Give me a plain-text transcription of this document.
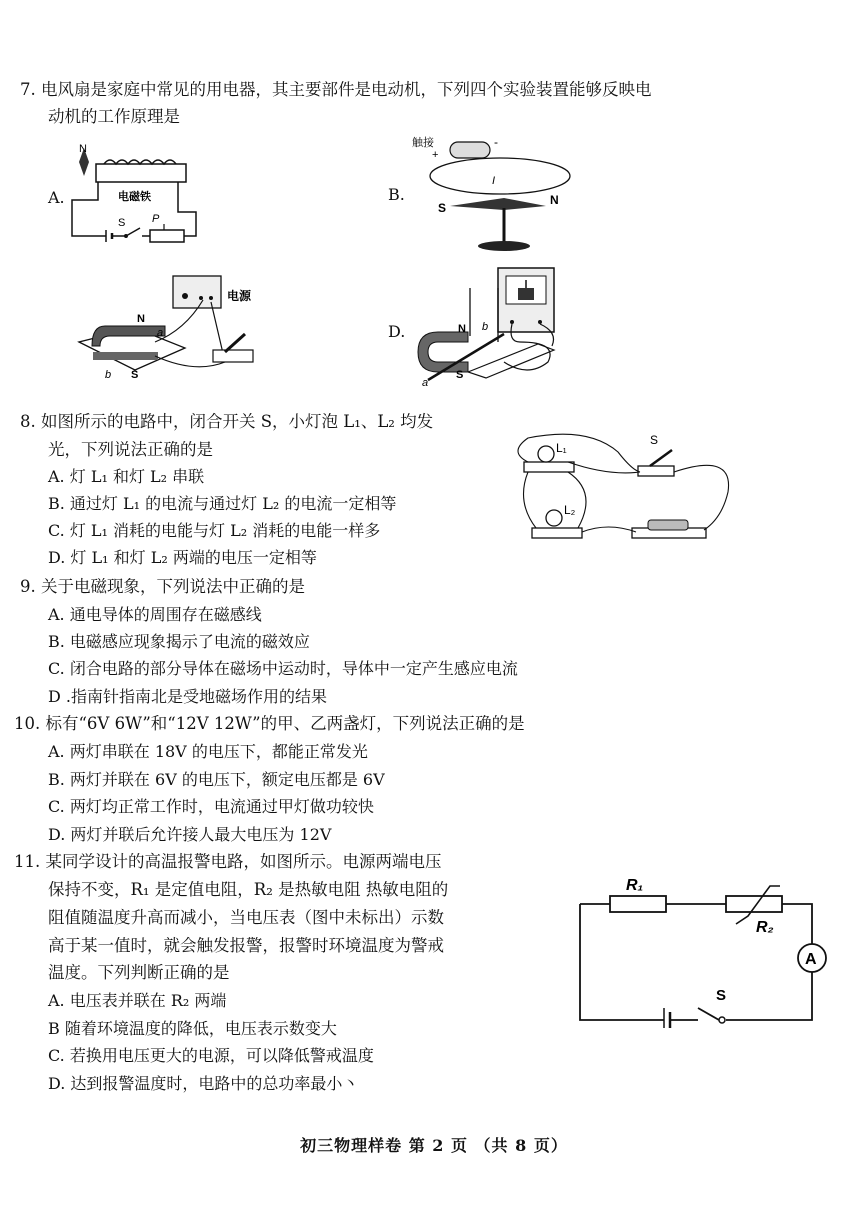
7. 电风扇是家庭中常见的用电器，其主要部件是电动机，下列四个实验装置能够反映电
动机的工作原理是
A.
N
电磁铁
S P
B.
触接
+
-
I
S
N
电源
N
a
b S
D.	N b
a
S
8. 如图所示的电路中，闭合开关 S，小灯泡 L₁、L₂ 均发
光，下列说法正确的是
A. 灯 L₁ 和灯 L₂ 串联
B. 通过灯 L₁ 的电流与通过灯 L₂ 的电流一定相等
C. 灯 L₁ 消耗的电能与灯 L₂ 消耗的电能一样多
D. 灯 L₁ 和灯 L₂ 两端的电压一定相等
L₁
L₂
S
9. 关于电磁现象，下列说法中正确的是
A. 通电导体的周围存在磁感线
B. 电磁感应现象揭示了电流的磁效应
C. 闭合电路的部分导体在磁场中运动时，导体中一定产生感应电流
D .指南针指南北是受地磁场作用的结果
10. 标有“6V 6W”和“12V 12W”的甲、乙两盏灯，下列说法正确的是
A. 两灯串联在 18V 的电压下，都能正常发光
B. 两灯并联在 6V 的电压下，额定电压都是 6V
C. 两灯均正常工作时，电流通过甲灯做功较快
D. 两灯并联后允许接人最大电压为 12V
11. 某同学设计的高温报警电路，如图所示。电源两端电压
保持不变，R₁ 是定值电阻，R₂ 是热敏电阻 热敏电阻的
阻值随温度升高而减小，当电压表（图中未标出）示数
高于某一值时，就会触发报警，报警时环境温度为警戒
温度。下列判断正确的是
A. 电压表并联在 R₂ 两端
B 随着环境温度的降低，电压表示数变大
C. 若换用电压更大的电源，可以降低警戒温度
D. 达到报警温度时，电路中的总功率最小丶
R₁
R₂
A
S
初三物理样卷 第 2 页 （共 8 页）
